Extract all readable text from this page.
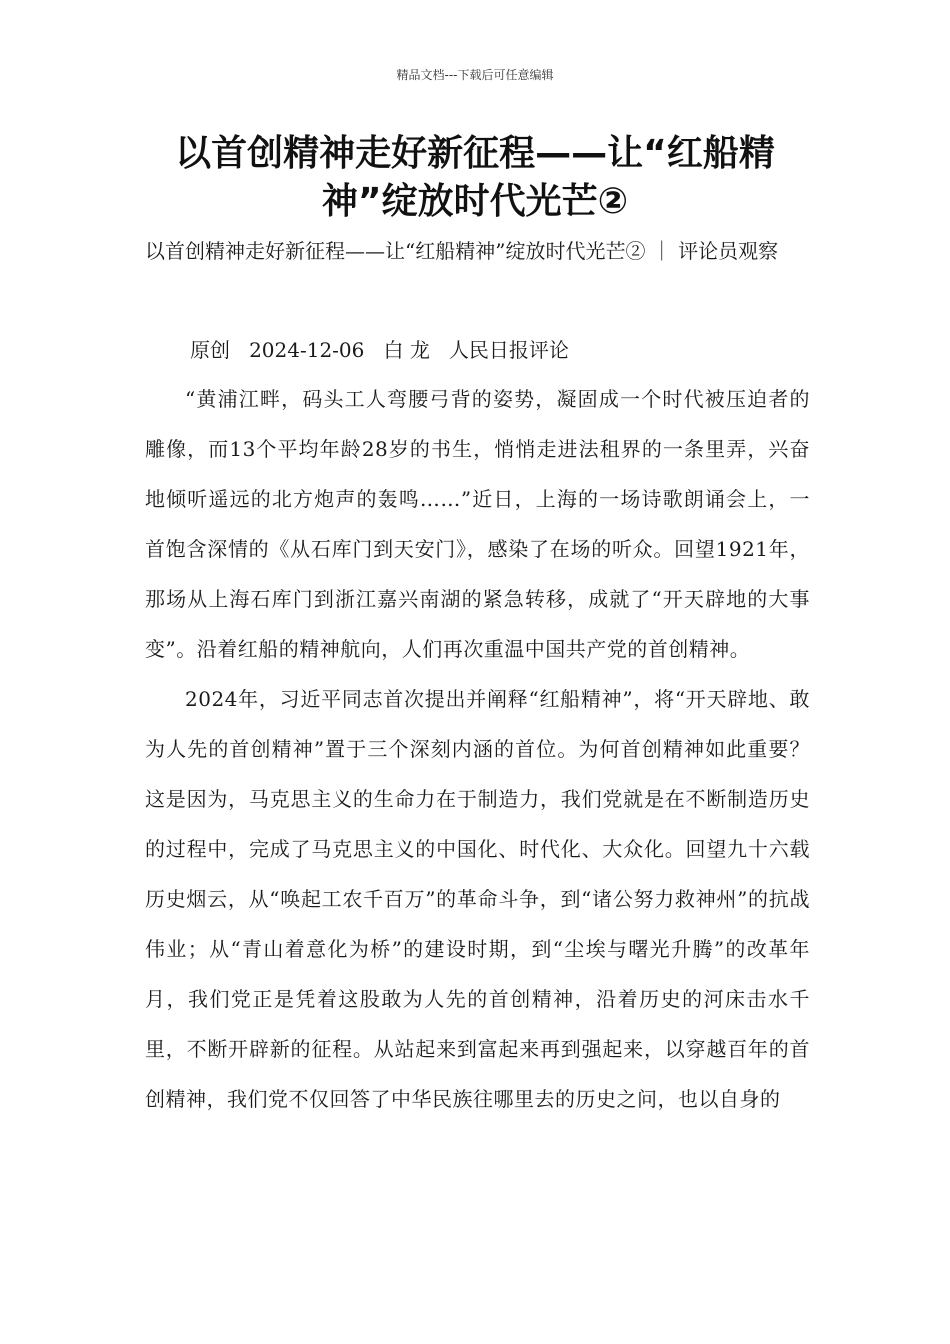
精品文档---下载后可任意编辑
以首创精神走好新征程——让“红船精神”绽放时代光芒②

以首创精神走好新征程——让“红船精神”绽放时代光芒② ｜ 评论员观察

原创   2024-12-06   白 龙   人民日报评论

“黄浦江畔，码头工人弯腰弓背的姿势，凝固成一个时代被压迫者的雕像，而13个平均年龄28岁的书生，悄悄走进法租界的一条里弄，兴奋地倾听遥远的北方炮声的轰鸣……”近日，上海的一场诗歌朗诵会上，一首饱含深情的《从石库门到天安门》，感染了在场的听众。回望1921年，那场从上海石库门到浙江嘉兴南湖的紧急转移，成就了“开天辟地的大事变”。沿着红船的精神航向，人们再次重温中国共产党的首创精神。

2024年，习近平同志首次提出并阐释“红船精神”，将“开天辟地、敢为人先的首创精神”置于三个深刻内涵的首位。为何首创精神如此重要？这是因为，马克思主义的生命力在于制造力，我们党就是在不断制造历史的过程中，完成了马克思主义的中国化、时代化、大众化。回望九十六载历史烟云，从“唤起工农千百万”的革命斗争，到“诸公努力救神州”的抗战伟业；从“青山着意化为桥”的建设时期，到“尘埃与曙光升腾”的改革年月，我们党正是凭着这股敢为人先的首创精神，沿着历史的河床击水千里，不断开辟新的征程。从站起来到富起来再到强起来，以穿越百年的首创精神，我们党不仅回答了中华民族往哪里去的历史之问，也以自身的
